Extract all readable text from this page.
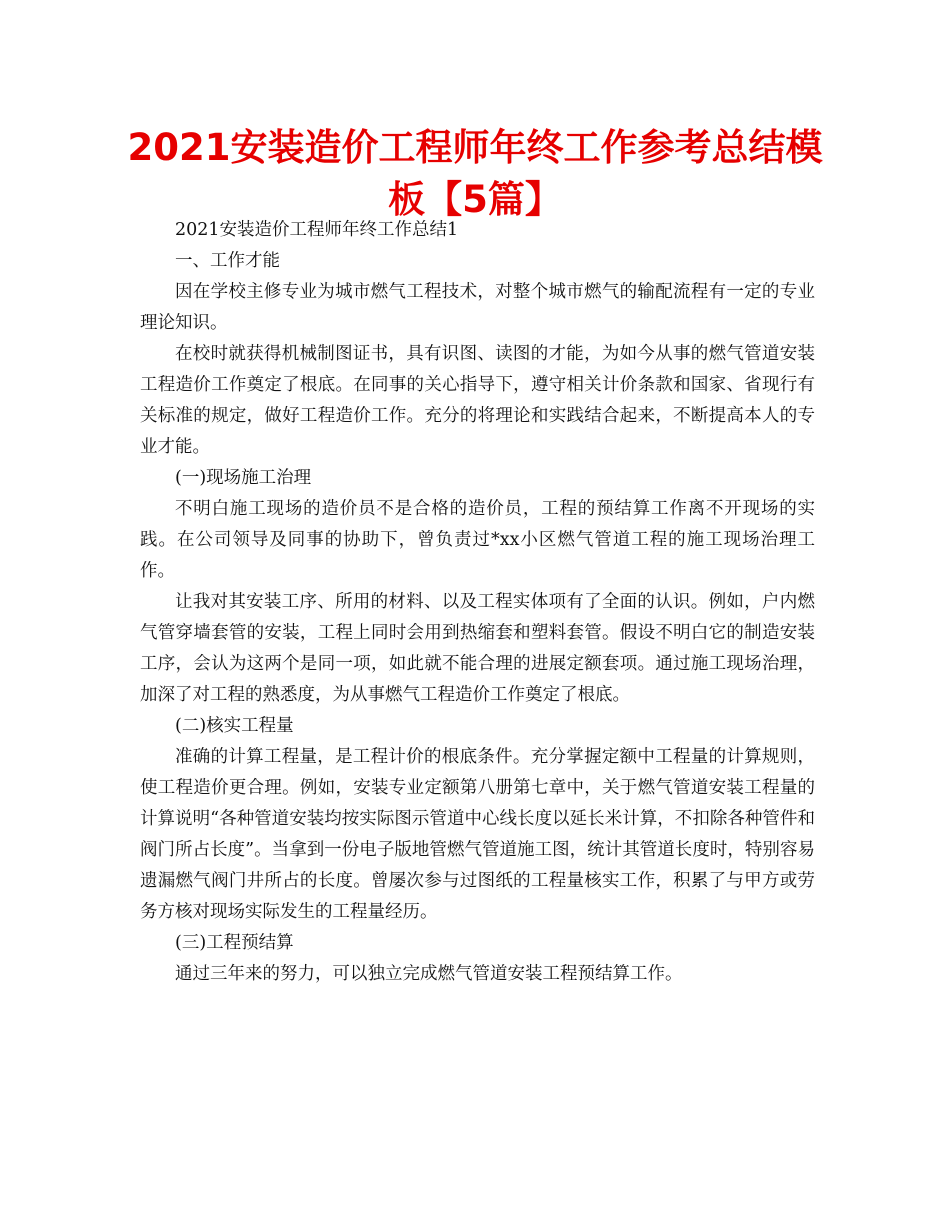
2021安装造价工程师年终工作参考总结模板【5篇】

2021安装造价工程师年终工作总结1

一、工作才能

因在学校主修专业为城市燃气工程技术，对整个城市燃气的输配流程有一定的专业理论知识。

在校时就获得机械制图证书，具有识图、读图的才能，为如今从事的燃气管道安装工程造价工作奠定了根底。在同事的关心指导下，遵守相关计价条款和国家、省现行有关标准的规定，做好工程造价工作。充分的将理论和实践结合起来，不断提高本人的专业才能。

(一)现场施工治理

不明白施工现场的造价员不是合格的造价员，工程的预结算工作离不开现场的实践。在公司领导及同事的协助下，曾负责过*xx小区燃气管道工程的施工现场治理工作。

让我对其安装工序、所用的材料、以及工程实体项有了全面的认识。例如，户内燃气管穿墙套管的安装，工程上同时会用到热缩套和塑料套管。假设不明白它的制造安装工序，会认为这两个是同一项，如此就不能合理的进展定额套项。通过施工现场治理，加深了对工程的熟悉度，为从事燃气工程造价工作奠定了根底。

(二)核实工程量

准确的计算工程量，是工程计价的根底条件。充分掌握定额中工程量的计算规则，使工程造价更合理。例如，安装专业定额第八册第七章中，关于燃气管道安装工程量的计算说明“各种管道安装均按实际图示管道中心线长度以延长米计算，不扣除各种管件和阀门所占长度”。当拿到一份电子版地管燃气管道施工图，统计其管道长度时，特别容易遗漏燃气阀门井所占的长度。曾屡次参与过图纸的工程量核实工作，积累了与甲方或劳务方核对现场实际发生的工程量经历。

(三)工程预结算

通过三年来的努力，可以独立完成燃气管道安装工程预结算工作。
